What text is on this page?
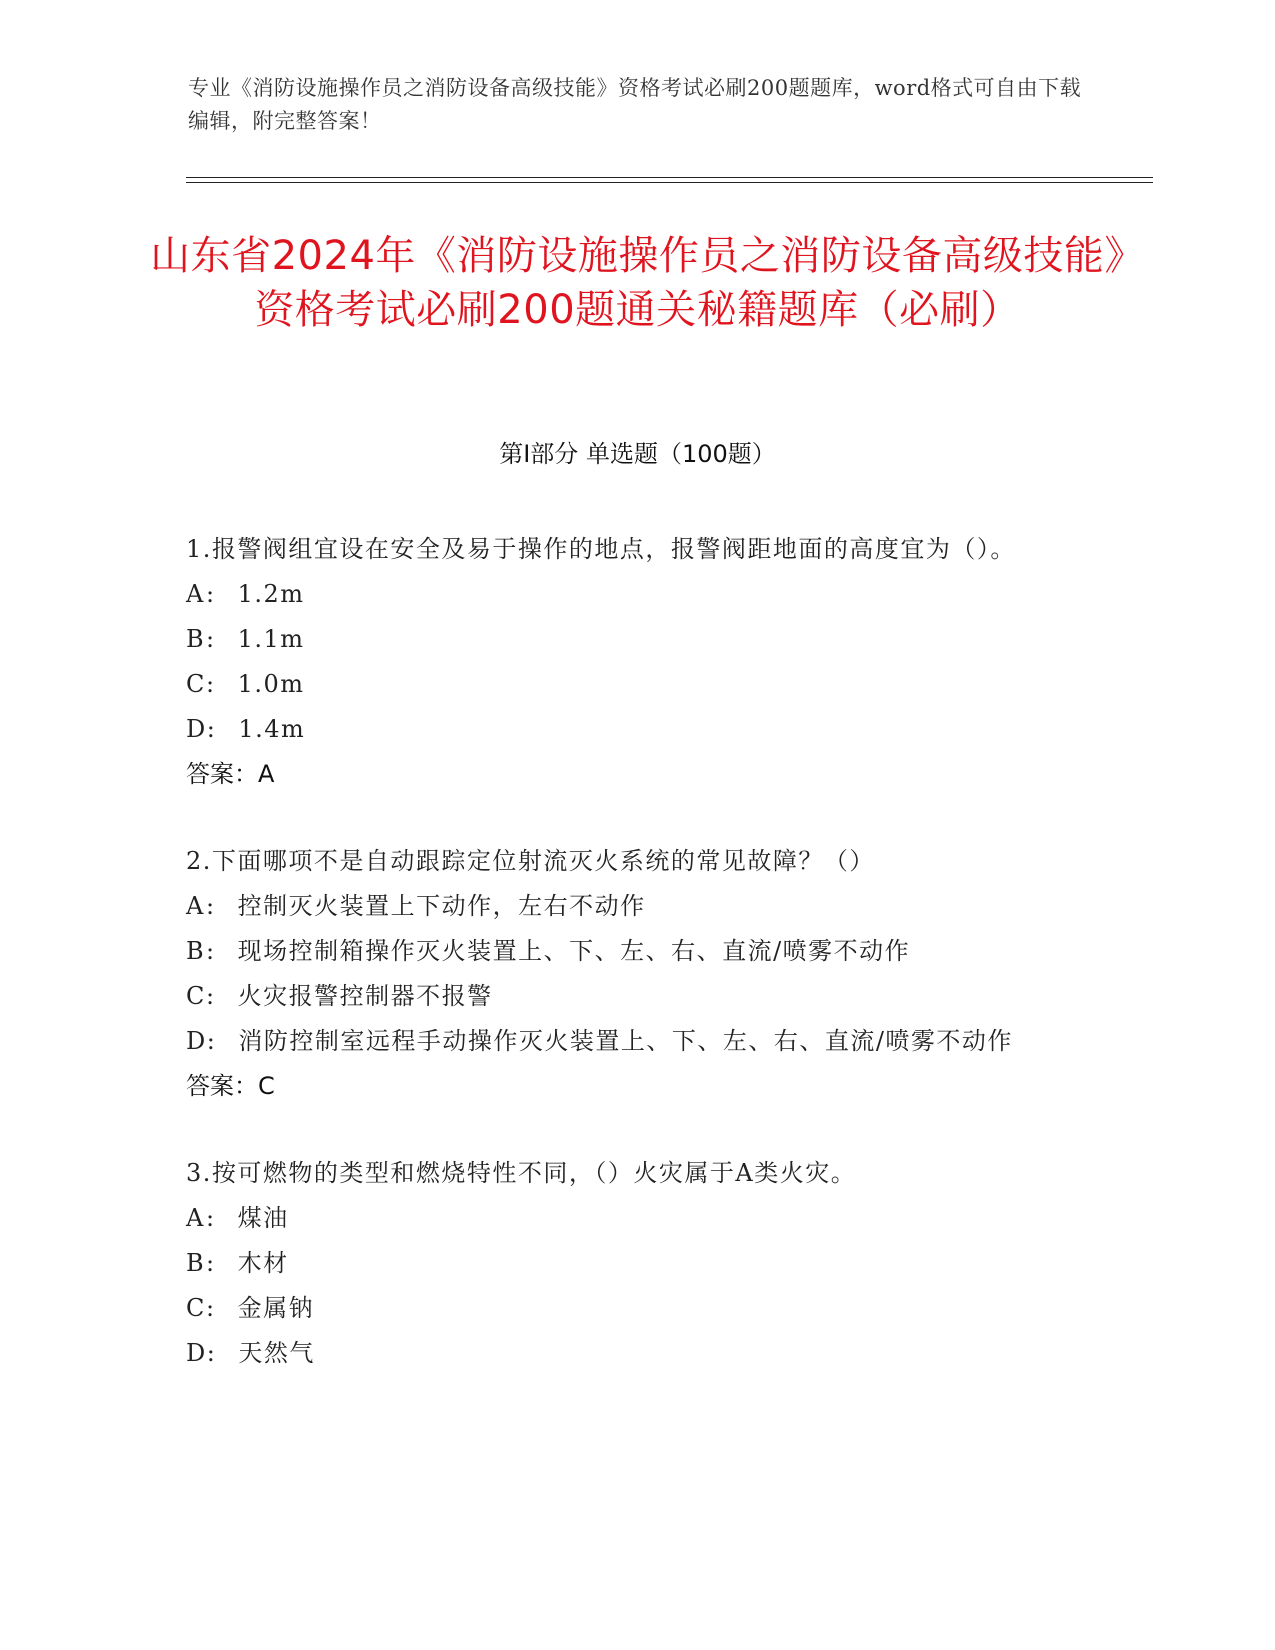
专业《消防设施操作员之消防设备高级技能》资格考试必刷200题题库，word格式可自由下载编辑，附完整答案！
山东省2024年《消防设施操作员之消防设备高级技能》资格考试必刷200题通关秘籍题库（必刷）
第I部分 单选题（100题）

1.报警阀组宜设在安全及易于操作的地点，报警阀距地面的高度宜为（）。

A: 1.2m

B: 1.1m

C: 1.0m

D: 1.4m

答案：A

2.下面哪项不是自动跟踪定位射流灭火系统的常见故障？（）

A: 控制灭火装置上下动作，左右不动作

B: 现场控制箱操作灭火装置上、下、左、右、直流/喷雾不动作

C: 火灾报警控制器不报警

D: 消防控制室远程手动操作灭火装置上、下、左、右、直流/喷雾不动作

答案：C

3.按可燃物的类型和燃烧特性不同，（）火灾属于A类火灾。

A: 煤油

B: 木材

C: 金属钠

D: 天然气
